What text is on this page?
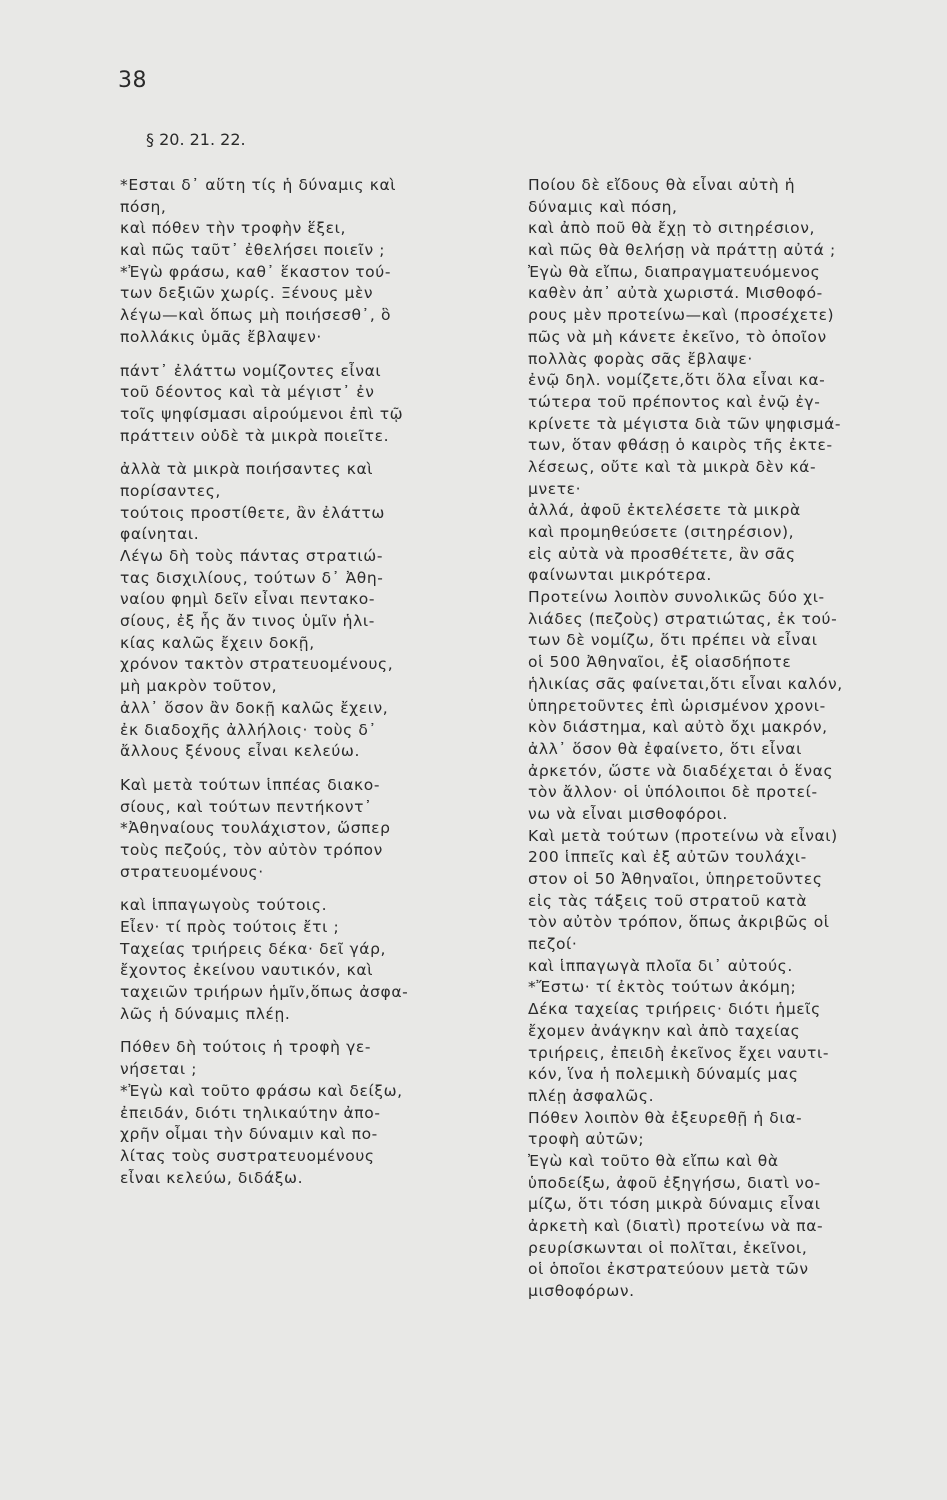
38
§ 20. 21. 22.
*Εσται δ᾽ αὕτη τίς ἡ δύναμις καὶ
πόση,
καὶ πόθεν τὴν τροφὴν ἕξει,
καὶ πῶς ταῦτ᾽ ἐθελήσει ποιεῖν ;
*Ἐγὼ φράσω, καθ᾽ ἕκαστον τού-
των δεξιῶν χωρίς. Ξένους μὲν
λέγω—καὶ ὅπως μὴ ποιήσεσθ᾽, ὃ
πολλάκις ὑμᾶς ἔβλαψεν·
πάντ᾽ ἐλάττω νομίζοντες εἶναι
τοῦ δέοντος καὶ τὰ μέγιστ᾽ ἐν
τοῖς ψηφίσμασι αἱρούμενοι ἐπὶ τῷ
πράττειν οὐδὲ τὰ μικρὰ ποιεῖτε.
ἀλλὰ τὰ μικρὰ ποιήσαντες καὶ
πορίσαντες,
τούτοις προστίθετε, ἂν ἐλάττω
φαίνηται.
Λέγω δὴ τοὺς πάντας στρατιώ-
τας δισχιλίους, τούτων δ᾽ Ἀθη-
ναίου φημὶ δεῖν εἶναι πεντακο-
σίους, ἐξ ἧς ἄν τινος ὑμῖν ἡλι-
κίας καλῶς ἔχειν δοκῇ,
χρόνον τακτὸν στρατευομένους,
μὴ μακρὸν τοῦτον,
ἀλλ᾽ ὅσον ἂν δοκῇ καλῶς ἔχειν,
ἐκ διαδοχῆς ἀλλήλοις· τοὺς δ᾽
ἄλλους ξένους εἶναι κελεύω.
Καὶ μετὰ τούτων ἱππέας διακο-
σίους, καὶ τούτων πεντήκοντ᾽
*Ἀθηναίους τουλάχιστον, ὥσπερ
τοὺς πεζούς, τὸν αὐτὸν τρόπον
στρατευομένους·
καὶ ἱππαγωγοὺς τούτοις.
Εἶεν· τί πρὸς τούτοις ἔτι ;
Ταχείας τριήρεις δέκα· δεῖ γάρ,
ἔχοντος ἐκείνου ναυτικόν, καὶ
ταχειῶν τριήρων ἡμῖν,ὅπως ἀσφα-
λῶς ἡ δύναμις πλέῃ.
Πόθεν δὴ τούτοις ἡ τροφὴ γε-
νήσεται ;
*Ἐγὼ καὶ τοῦτο φράσω καὶ δείξω,
ἐπειδάν, διότι τηλικαύτην ἀπο-
χρῆν οἶμαι τὴν δύναμιν καὶ πο-
λίτας τοὺς συστρατευομένους
εἶναι κελεύω, διδάξω.
Ποίου δὲ εἴδους θὰ εἶναι αὐτὴ ἡ
δύναμις καὶ πόση,
καὶ ἀπὸ ποῦ θὰ ἔχῃ τὸ σιτηρέσιον,
καὶ πῶς θὰ θελήσῃ νὰ πράττῃ αὐτά ;
Ἐγὼ θὰ εἴπω, διαπραγματευόμενος
καθὲν ἀπ᾽ αὐτὰ χωριστά. Μισθοφό-
ρους μὲν προτείνω—καὶ (προσέχετε)
πῶς νὰ μὴ κάνετε ἐκεῖνο, τὸ ὁποῖον
πολλὰς φορὰς σᾶς ἔβλαψε·
ἐνῷ δηλ. νομίζετε,ὅτι ὅλα εἶναι κα-
τώτερα τοῦ πρέποντος καὶ ἐνῷ ἐγ-
κρίνετε τὰ μέγιστα διὰ τῶν ψηφισμά-
των, ὅταν φθάσῃ ὁ καιρὸς τῆς ἐκτε-
λέσεως, οὔτε καὶ τὰ μικρὰ δὲν κά-
μνετε·
ἀλλά, ἀφοῦ ἐκτελέσετε τὰ μικρὰ
καὶ προμηθεύσετε (σιτηρέσιον),
εἰς αὐτὰ νὰ προσθέτετε, ἂν σᾶς
φαίνωνται μικρότερα.
Προτείνω λοιπὸν συνολικῶς δύο χι-
λιάδες (πεζοὺς) στρατιώτας, ἐκ τού-
των δὲ νομίζω, ὅτι πρέπει νὰ εἶναι
οἱ 500 Ἀθηναῖοι, ἐξ οἱασδήποτε
ἡλικίας σᾶς φαίνεται,ὅτι εἶναι καλόν,
ὑπηρετοῦντες ἐπὶ ὡρισμένον χρονι-
κὸν διάστημα, καὶ αὐτὸ ὄχι μακρόν,
ἀλλ᾽ ὅσον θὰ ἐφαίνετο, ὅτι εἶναι
ἀρκετόν, ὥστε νὰ διαδέχεται ὁ ἕνας
τὸν ἄλλον· οἱ ὑπόλοιποι δὲ προτεί-
νω νὰ εἶναι μισθοφόροι.
Καὶ μετὰ τούτων (προτείνω νὰ εἶναι)
200 ἱππεῖς καὶ ἐξ αὐτῶν τουλάχι-
στον οἱ 50 Ἀθηναῖοι, ὑπηρετοῦντες
εἰς τὰς τάξεις τοῦ στρατοῦ κατὰ
τὸν αὐτὸν τρόπον, ὅπως ἀκριβῶς οἱ
πεζοί·
καὶ ἱππαγωγὰ πλοῖα δι᾽ αὐτούς.
*Ἔστω· τί ἐκτὸς τούτων ἀκόμη;
Δέκα ταχείας τριήρεις· διότι ἡμεῖς
ἔχομεν ἀνάγκην καὶ ἀπὸ ταχείας
τριήρεις, ἐπειδὴ ἐκεῖνος ἔχει ναυτι-
κόν, ἵνα ἡ πολεμικὴ δύναμίς μας
πλέῃ ἀσφαλῶς.
Πόθεν λοιπὸν θὰ ἐξευρεθῇ ἡ δια-
τροφὴ αὐτῶν;
Ἐγὼ καὶ τοῦτο θὰ εἴπω καὶ θὰ
ὑποδείξω, ἀφοῦ ἐξηγήσω, διατὶ νο-
μίζω, ὅτι τόση μικρὰ δύναμις εἶναι
ἀρκετὴ καὶ (διατὶ) προτείνω νὰ πα-
ρευρίσκωνται οἱ πολῖται, ἐκεῖνοι,
οἱ ὁποῖοι ἐκστρατεύουν μετὰ τῶν
μισθοφόρων.
